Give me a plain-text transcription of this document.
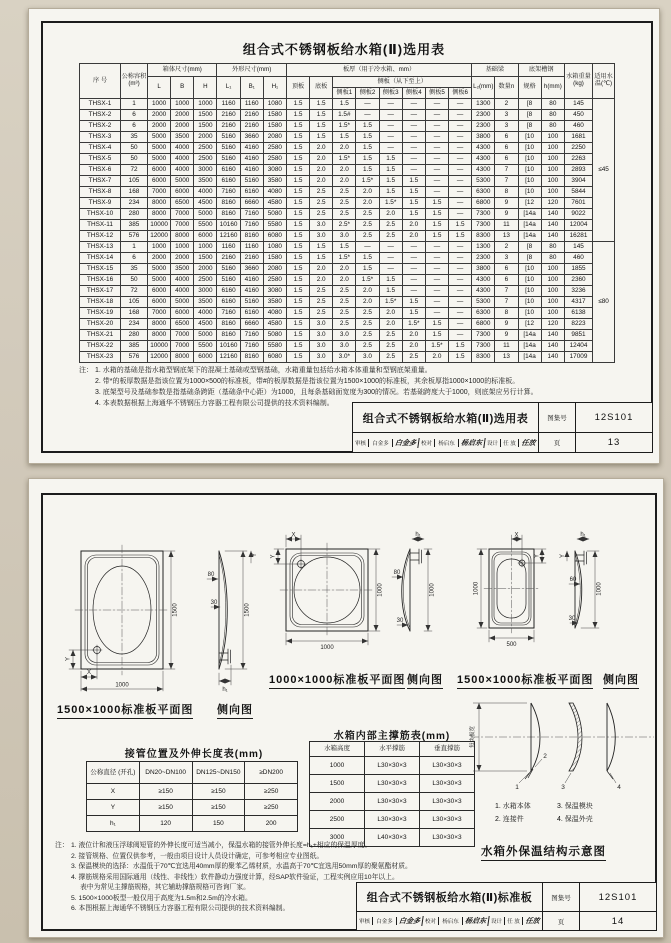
组合式不锈钢板给水箱(Ⅱ)选用表
序 号	公称容积 (m³)	箱体尺寸(mm)			外形尺寸(mm)			板厚（用于冷水箱、mm）								基础梁		底架槽钢		水箱重量(kg)	适用水温(℃)
		L	B	H	L₁	B₁	H₁	顶板	底板	侧板（从下至上）						L₂(mm)	数量n	规格	h(mm)		
										侧板1	侧板2	侧板3	侧板4	侧板5	侧板6						
THSX-1	1	1000	1000	1000	1160	1160	1080	1.5	1.5	1.5	—	—	—	—	—	1300	2	[8	80	145	≤45
THSX-2	6	2000	2000	1500	2160	2160	1580	1.5	1.5	1.5#	—	—	—	—	—	2300	3	[8	80	450	
THSX-2	6	2000	2000	1500	2160	2160	1580	1.5	1.5	1.5*	1.5	—	—	—	—	2300	3	[8	80	460	
THSX-3	35	5000	3500	2000	5160	3660	2080	1.5	1.5	1.5	1.5	—	—	—	—	3800	6	[10	100	1681	
THSX-4	50	5000	4000	2500	5160	4160	2580	1.5	2.0	2.0	1.5	—	—	—	—	4300	6	[10	100	2250	
THSX-5	50	5000	4000	2500	5160	4160	2580	1.5	2.0	1.5*	1.5	1.5	—	—	—	4300	6	[10	100	2263	
THSX-6	72	6000	4000	3000	6160	4160	3080	1.5	2.0	2.0	1.5	1.5	—	—	—	4300	7	[10	100	2893	
THSX-7	105	6000	5000	3500	6160	5160	3580	1.5	2.0	2.0	1.5*	1.5	1.5	—	—	5300	7	[10	100	3904	
THSX-8	168	7000	6000	4000	7160	6160	4080	1.5	2.5	2.5	2.0	1.5	1.5	—	—	6300	8	[10	100	5844	
THSX-9	234	8000	6500	4500	8160	6660	4580	1.5	2.5	2.5	2.0	1.5*	1.5	1.5	—	6800	9	[12	120	7601	
THSX-10	280	8000	7000	5000	8160	7160	5080	1.5	2.5	2.5	2.5	2.0	1.5	1.5	—	7300	9	[14a	140	9022	
THSX-11	385	10000	7000	5500	10160	7160	5580	1.5	3.0	2.5*	2.5	2.5	2.0	1.5	1.5	7300	11	[14a	140	12004	
THSX-12	576	12000	8000	6000	12160	8160	6080	1.5	3.0	3.0	2.5	2.5	2.0	1.5	1.5	8300	13	[14a	140	16281	
THSX-13	1	1000	1000	1000	1160	1160	1080	1.5	1.5	1.5	—	—	—	—	—	1300	2	[8	80	145	≤80
THSX-14	6	2000	2000	1500	2160	2160	1580	1.5	1.5	1.5*	1.5	—	—	—	—	2300	3	[8	80	460	
THSX-15	35	5000	3500	2000	5160	3660	2080	1.5	2.0	2.0	1.5	—	—	—	—	3800	6	[10	100	1855	
THSX-16	50	5000	4000	2500	5160	4160	2580	1.5	2.0	2.0	1.5*	1.5	—	—	—	4300	6	[10	100	2360	
THSX-17	72	6000	4000	3000	6160	4160	3080	1.5	2.5	2.5	2.0	1.5	—	—	—	4300	7	[10	100	3236	
THSX-18	105	6000	5000	3500	6160	5160	3580	1.5	2.5	2.5	2.0	1.5*	1.5	—	—	5300	7	[10	100	4317	
THSX-19	168	7000	6000	4000	7160	6160	4080	1.5	2.5	2.5	2.5	2.0	1.5	—	—	6300	8	[10	100	6138	
THSX-20	234	8000	6500	4500	8160	6660	4580	1.5	3.0	2.5	2.5	2.0	1.5*	1.5	—	6800	9	[12	120	8223	
THSX-21	280	8000	7000	5000	8160	7160	5080	1.5	3.0	3.0	2.5	2.5	2.0	1.5	—	7300	9	[14a	140	9851	
THSX-22	385	10000	7000	5500	10160	7160	5580	1.5	3.0	3.0	2.5	2.5	2.0	1.5*	1.5	7300	11	[14a	140	12404	
THSX-23	576	12000	8000	6000	12160	8160	6080	1.5	3.0	3.0*	3.0	2.5	2.5	2.0	1.5	8300	13	[14a	140	17009	
注： 1. 水箱的基础是指水箱型钢底架下的混凝土基础或型钢基础，水箱重量包括给水箱本体重量和型钢底架重量。
2. 带*的板厚数据是指该位置为1000×500的标准板，带#的板厚数据是指该位置为1500×1000的标准板，其余板厚指1000×1000的标准板。
3. 底架型号及基础参数是指基础条跨距（基础条中心距）为1000，且每条基础面宽度为300的情况。若基础跨度大于1000，则底架应另行计算。
4. 本表数据根据上海通华不锈钢压力容器工程有限公司提供的技术资料编制。
组合式不锈钢板给水箱(Ⅱ)选用表	图集号	12S101
审核	白金多 白金多 校对	杨启东 杨启东 设计 任 放 任放	页	13
X
1000
Y
1500
80
30
1500
h₁
Y
X
Y
1000
1000
h₁
80
1000
30
X
Y
1000
500
h₁
Y
60
1000
30
1500×1000标准板平面图 侧向图
1000×1000标准板平面图 侧向图 1500×1000标准板平面图 侧向图
接管位置及外伸长度表(mm)
公称直径 (开孔)	DN20~DN100	DN125~DN150	≥DN200
X	≥150	≥150	≥250
Y	≥150	≥150	≥250
h₁	120	150	200
水箱内部主撑筋表(mm)
水箱高度	水平撑筋	垂直撑筋
1000	L30×30×3	L30×30×3
1500	L30×30×3	L30×30×3
2000	L30×30×3	L30×30×3
2500	L30×30×3	L30×30×3
3000	L40×30×3	L30×30×3
1
2
3	4
每块板宽
1. 水箱本体	3. 保温模块
2. 连接件	4. 保温外壳
水箱外保温结构示意图
注： 1. 液位计和液压浮球阀短管的外伸长度可适当减小，保温水箱的接管外伸长度=h₁+相应的保温厚度。
2. 接管规格、位置仅供参考，一般由项目设计人员设计确定，可参考相应专业图纸。
3. 保温模块的选择：水温低于70℃宜选用40mm厚的聚苯乙烯材质，水温高于70℃宜选用50mm厚的聚氨酯材质。
4. 撑筋规格采用国际通用（线性、非线性）软件静动力强度计算，经SAP软件验证，工程实例应用10年以上。
表中为常见主撑筋规格，其它辅助撑筋规格可咨询厂家。
5. 1500×1000板型一般仅用于高度为1.5m和2.5m的冷水箱。
6. 本图根据上海通华不锈钢压力容器工程有限公司提供的技术资料编制。
组合式不锈钢板给水箱(Ⅱ)标准板	图集号	12S101
审核	白金多 白金多 校对	杨启东 杨启东 设计 任 放 任放	页	14
